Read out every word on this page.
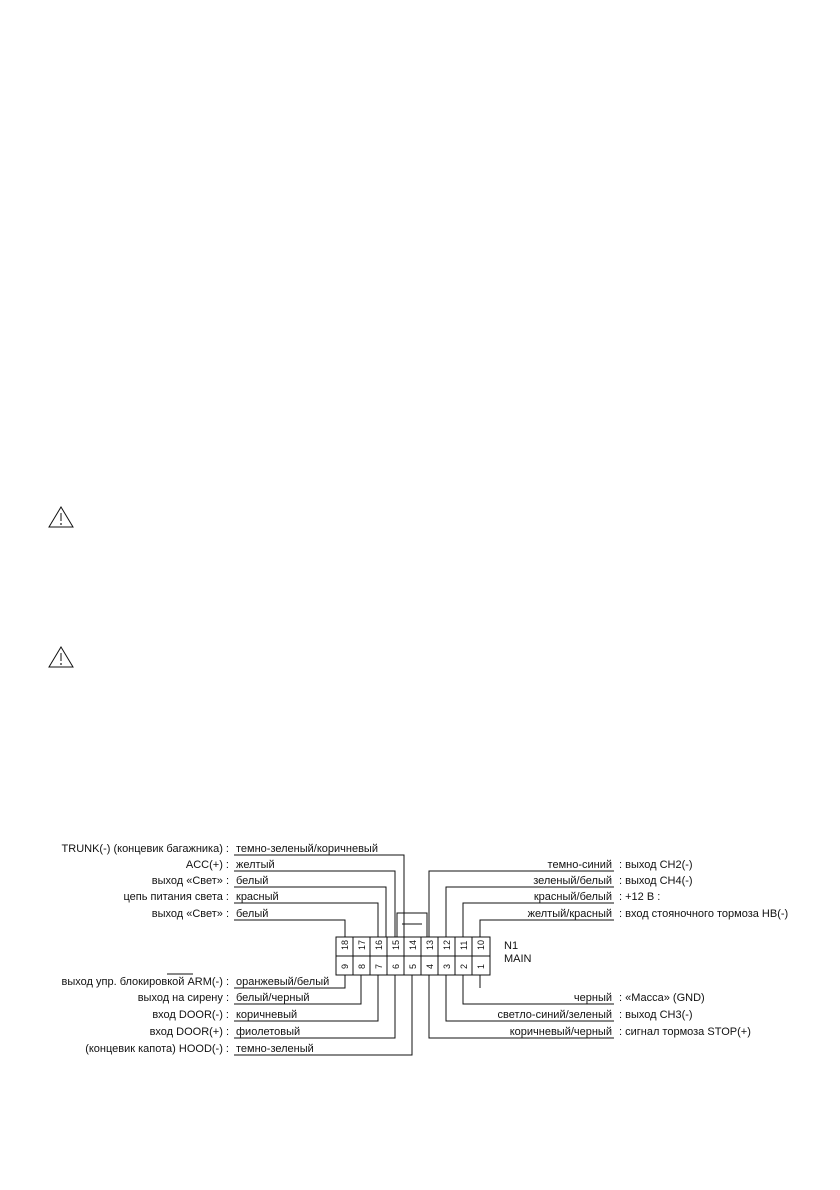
18 17 16 15 14 13 12 11 10
9 8 7 6 5 4 3 2 1
N1
MAIN
TRUNK(-) (концевик багажника) : темно-зеленый/коричневый
ACC(+) : желтый
выход «Свет» : белый
цепь питания света : красный
выход «Свет» : белый
выход упр. блокировкой ARM(-) : оранжевый/белый
выход на сирену : белый/черный
вход DOOR(-) : коричневый
вход DOOR(+) : фиолетовый
(концевик капота) HOOD(-) : темно-зеленый
темно-синий : выход CH2(-)
зеленый/белый : выход CH4(-)
красный/белый : +12 В :
желтый/красный : вход стояночного тормоза HB(-)
черный : «Масса» (GND)
светло-синий/зеленый : выход CH3(-)
коричневый/черный : сигнал тормоза STOP(+)
